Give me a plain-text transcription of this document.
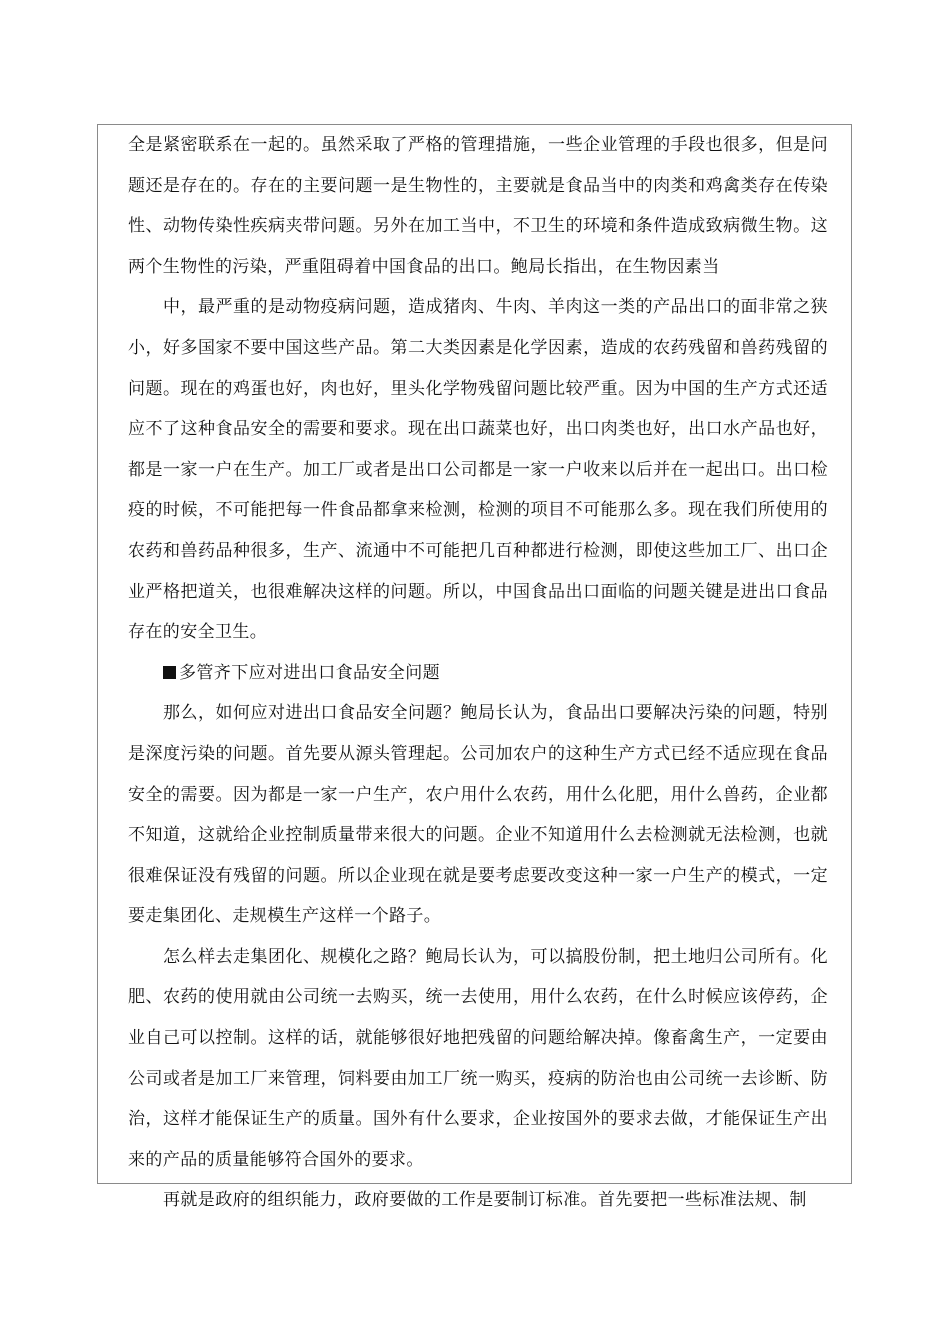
全是紧密联系在一起的。虽然采取了严格的管理措施，一些企业管理的手段也很多，但是问题还是存在的。存在的主要问题一是生物性的，主要就是食品当中的肉类和鸡禽类存在传染性、动物传染性疾病夹带问题。另外在加工当中，不卫生的环境和条件造成致病微生物。这两个生物性的污染，严重阻碍着中国食品的出口。鲍局长指出，在生物因素当

中，最严重的是动物疫病问题，造成猪肉、牛肉、羊肉这一类的产品出口的面非常之狭小，好多国家不要中国这些产品。第二大类因素是化学因素，造成的农药残留和兽药残留的问题。现在的鸡蛋也好，肉也好，里头化学物残留问题比较严重。因为中国的生产方式还适应不了这种食品安全的需要和要求。现在出口蔬菜也好，出口肉类也好，出口水产品也好，都是一家一户在生产。加工厂或者是出口公司都是一家一户收来以后并在一起出口。出口检疫的时候，不可能把每一件食品都拿来检测，检测的项目不可能那么多。现在我们所使用的农药和兽药品种很多，生产、流通中不可能把几百种都进行检测，即使这些加工厂、出口企业严格把道关，也很难解决这样的问题。所以，中国食品出口面临的问题关键是进出口食品存在的安全卫生。

多管齐下应对进出口食品安全问题

那么，如何应对进出口食品安全问题？鲍局长认为，食品出口要解决污染的问题，特别是深度污染的问题。首先要从源头管理起。公司加农户的这种生产方式已经不适应现在食品安全的需要。因为都是一家一户生产，农户用什么农药，用什么化肥，用什么兽药，企业都不知道，这就给企业控制质量带来很大的问题。企业不知道用什么去检测就无法检测，也就很难保证没有残留的问题。所以企业现在就是要考虑要改变这种一家一户生产的模式，一定要走集团化、走规模生产这样一个路子。

怎么样去走集团化、规模化之路？鲍局长认为，可以搞股份制，把土地归公司所有。化肥、农药的使用就由公司统一去购买，统一去使用，用什么农药，在什么时候应该停药，企业自己可以控制。这样的话，就能够很好地把残留的问题给解决掉。像畜禽生产，一定要由公司或者是加工厂来管理，饲料要由加工厂统一购买，疫病的防治也由公司统一去诊断、防治，这样才能保证生产的质量。国外有什么要求，企业按国外的要求去做，才能保证生产出来的产品的质量能够符合国外的要求。

再就是政府的组织能力，政府要做的工作是要制订标准。首先要把一些标准法规、制
